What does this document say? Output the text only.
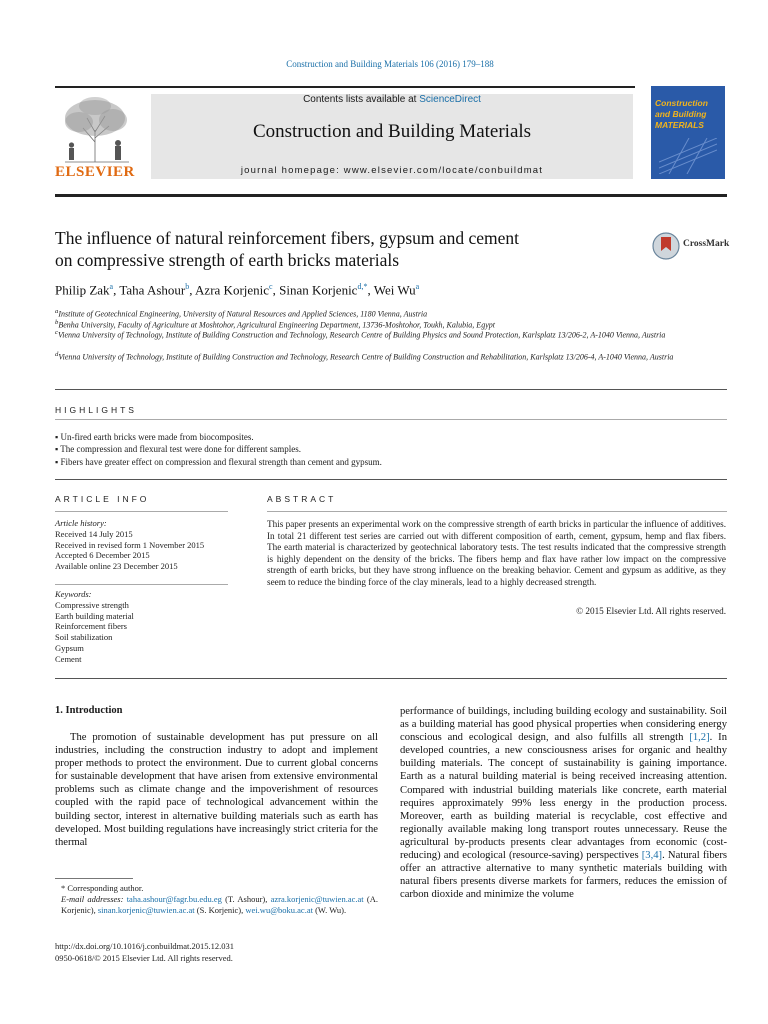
Construction and Building Materials 106 (2016) 179–188
ELSEVIER
Contents lists available at ScienceDirect
Construction and Building Materials
journal homepage: www.elsevier.com/locate/conbuildmat
Construction and Building MATERIALS
The influence of natural reinforcement fibers, gypsum and cement
on compressive strength of earth bricks materials
CrossMark
Philip Zak$^a$, Taha Ashour$^b$, Azra Korjenic$^c$, Sinan Korjenic$^{d,*}$, Wei Wu$^a$
$^a$Institute of Geotechnical Engineering, University of Natural Resources and Applied Sciences, 1180 Vienna, Austria
$^b$Benha University, Faculty of Agriculture at Moshtohor, Agricultural Engineering Department, 13736-Moshtohor, Toukh, Kalubia, Egypt
$^c$Vienna University of Technology, Institute of Building Construction and Technology, Research Centre of Building Physics and Sound Protection, Karlsplatz 13/206-2, A-1040 Vienna, Austria
$^d$Vienna University of Technology, Institute of Building Construction and Technology, Research Centre of Building Construction and Rehabilitation, Karlsplatz 13/206-4, A-1040 Vienna, Austria
HIGHLIGHTS
▪ Un-fired earth bricks were made from biocomposites.
▪ The compression and flexural test were done for different samples.
▪ Fibers have greater effect on compression and flexural strength than cement and gypsum.
ARTICLE INFO
Article history:
Received 14 July 2015
Received in revised form 1 November 2015
Accepted 6 December 2015
Available online 23 December 2015
Keywords:
Compressive strength
Earth building material
Reinforcement fibers
Soil stabilization
Gypsum
Cement
ABSTRACT
This paper presents an experimental work on the compressive strength of earth bricks in particular the influence of additives. In total 21 different test series are carried out with different composition of earth, cement, gypsum, hemp and flax fibers. The earth material is characterized by geotechnical laboratory tests. The test results indicated that the compressive strength is highly dependent on the density of the bricks. The fibers hemp and flax have rather low impact on the compressive strength of earth bricks, but they have strong influence on the breaking behavior. Cement and gypsum as additive, as they seem to reduce the binding force of the clay minerals, lead to a highly decreased strength.
© 2015 Elsevier Ltd. All rights reserved.
1. Introduction
The promotion of sustainable development has put pressure on all industries, including the construction industry to adopt and implement proper methods to protect the environment. Due to current global concerns for sustainable development that have arisen from extensive environmental problems such as climate change and the impoverishment of resources coupled with the rapid pace of technological advancement within the building sector, interest in alternative building materials such as earth has developed. Most building regulations have increasingly strict criteria for the thermal
performance of buildings, including building ecology and sustainability. Soil as a building material has good physical properties when considering energy conscious and ecological design, and also fulfills all strength [1,2]. In developed countries, a new consciousness arises for organic and healthy building materials. The concept of sustainability is gaining importance. Earth as a natural building material is being received increasing attention. Compared with industrial building materials like concrete, earth material requires approximately 99% less energy in the production process. Moreover, earth as building material is recyclable, cost effective and regionally available making long transport routes unnecessary. Reuse the agricultural by-products presents clear advantages from economic (cost-reducing) and ecological (resource-saving) perspectives [3,4]. Natural fibers offer an attractive alternative to many synthetic materials building with natural fibers presents diverse markets for farmers, reduces the emission of carbon dioxide and minimize the volume
* Corresponding author.
E-mail addresses: taha.ashour@fagr.bu.edu.eg (T. Ashour), azra.korjenic@tuwien.ac.at (A. Korjenic), sinan.korjenic@tuwien.ac.at (S. Korjenic), wei.wu@boku.ac.at (W. Wu).
http://dx.doi.org/10.1016/j.conbuildmat.2015.12.031
0950-0618/© 2015 Elsevier Ltd. All rights reserved.
